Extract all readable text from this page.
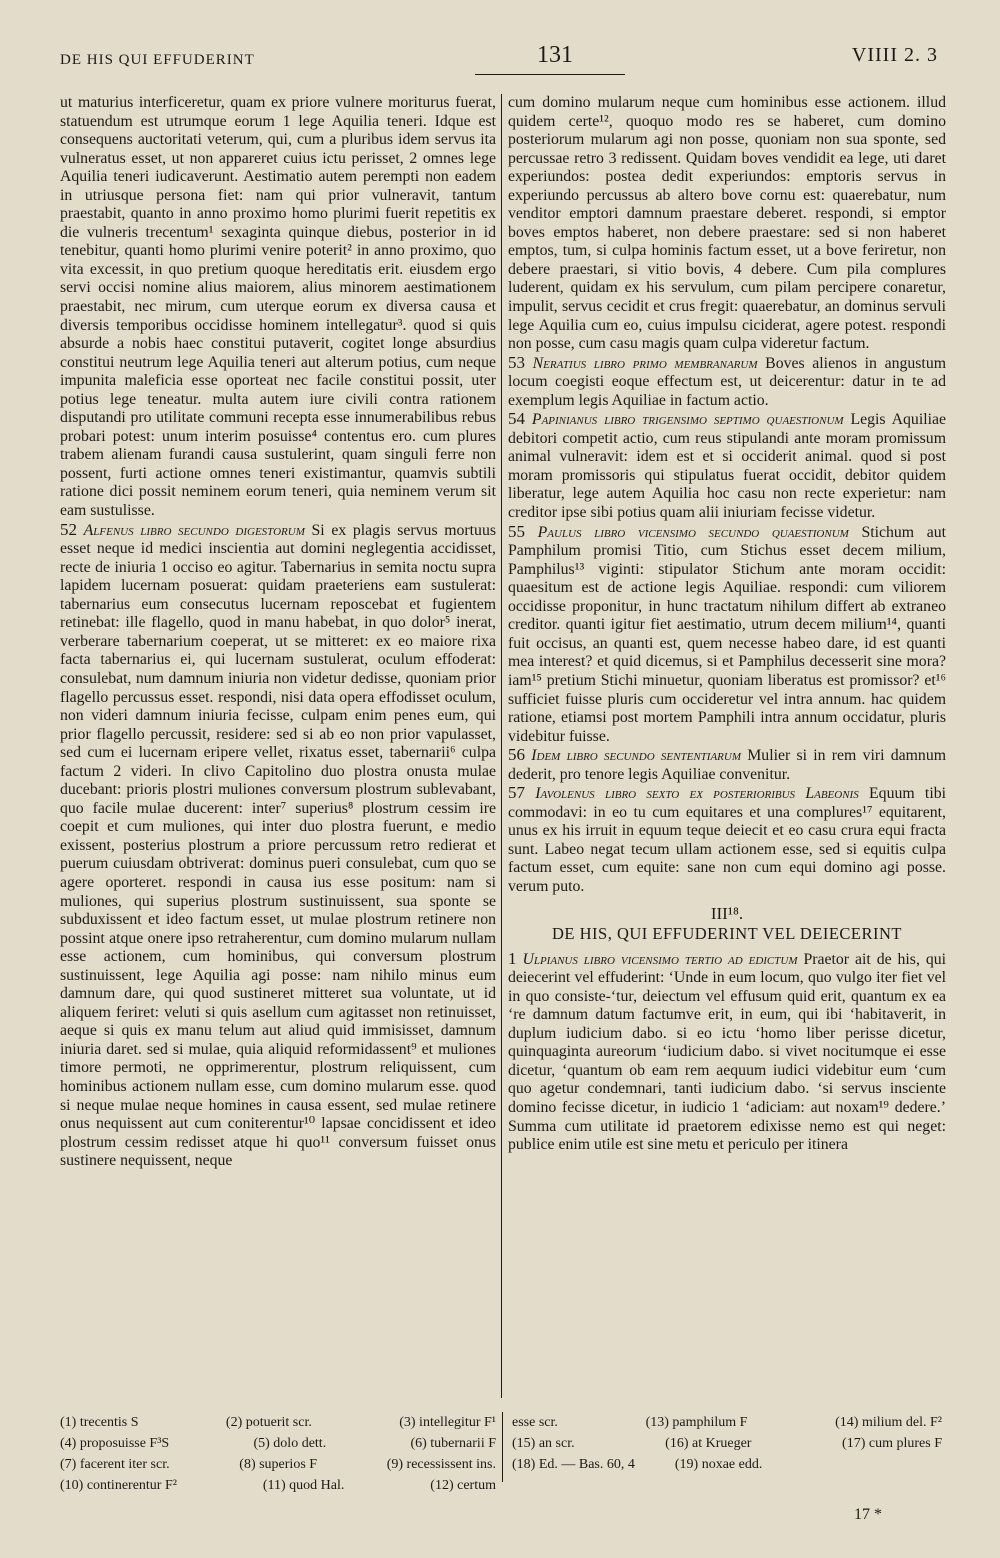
DE HIS QUI EFFUDERINT	131	VIIII 2. 3

ut maturius interficeretur, quam ex priore vulnere moriturus fuerat, statuendum est utrumque eorum 1 lege Aquilia teneri. Idque est consequens auctoritati veterum, qui, cum a pluribus idem servus ita vulneratus esset, ut non appareret cuius ictu perisset, 2 omnes lege Aquilia teneri iudicaverunt. Aestimatio autem perempti non eadem in utriusque persona fiet: nam qui prior vulneravit, tantum praestabit, quanto in anno proximo homo plurimi fuerit repetitis ex die vulneris trecentum¹ sexaginta quinque diebus, posterior in id tenebitur, quanti homo plurimi venire poterit² in anno proximo, quo vita excessit, in quo pretium quoque hereditatis erit. eiusdem ergo servi occisi nomine alius maiorem, alius minorem aestimationem praestabit, nec mirum, cum uterque eorum ex diversa causa et diversis temporibus occidisse hominem intellegatur³. quod si quis absurde a nobis haec constitui putaverit, cogitet longe absurdius constitui neutrum lege Aquilia teneri aut alterum potius, cum neque impunita maleficia esse oporteat nec facile constitui possit, uter potius lege teneatur. multa autem iure civili contra rationem disputandi pro utilitate communi recepta esse innumerabilibus rebus probari potest: unum interim posuisse⁴ contentus ero. cum plures trabem alienam furandi causa sustulerint, quam singuli ferre non possent, furti actione omnes teneri existimantur, quamvis subtili ratione dici possit neminem eorum teneri, quia neminem verum sit eam sustulisse.

52 Alfenus libro secundo digestorum Si ex plagis servus mortuus esset neque id medici inscientia aut domini neglegentia accidisset, recte de iniuria 1 occiso eo agitur. Tabernarius in semita noctu supra lapidem lucernam posuerat: quidam praeteriens eam sustulerat: tabernarius eum consecutus lucernam reposcebat et fugientem retinebat: ille flagello, quod in manu habebat, in quo dolor⁵ inerat, verberare tabernarium coeperat, ut se mitteret: ex eo maiore rixa facta tabernarius ei, qui lucernam sustulerat, oculum effoderat: consulebat, num damnum iniuria non videtur dedisse, quoniam prior flagello percussus esset. respondi, nisi data opera effodisset oculum, non videri damnum iniuria fecisse, culpam enim penes eum, qui prior flagello percussit, residere: sed si ab eo non prior vapulasset, sed cum ei lucernam eripere vellet, rixatus esset, tabernarii⁶ culpa factum 2 videri. In clivo Capitolino duo plostra onusta mulae ducebant: prioris plostri muliones conversum plostrum sublevabant, quo facile mulae ducerent: inter⁷ superius⁸ plostrum cessim ire coepit et cum muliones, qui inter duo plostra fuerunt, e medio exissent, posterius plostrum a priore percussum retro redierat et puerum cuiusdam obtriverat: dominus pueri consulebat, cum quo se agere oporteret. respondi in causa ius esse positum: nam si muliones, qui superius plostrum sustinuissent, sua sponte se subduxissent et ideo factum esset, ut mulae plostrum retinere non possint atque onere ipso retraherentur, cum domino mularum nullam esse actionem, cum hominibus, qui conversum plostrum sustinuissent, lege Aquilia agi posse: nam nihilo minus eum damnum dare, qui quod sustineret mitteret sua voluntate, ut id aliquem feriret: veluti si quis asellum cum agitasset non retinuisset, aeque si quis ex manu telum aut aliud quid immisisset, damnum iniuria daret. sed si mulae, quia aliquid reformidassent⁹ et muliones timore permoti, ne opprimerentur, plostrum reliquissent, cum hominibus actionem nullam esse, cum domino mularum esse. quod si neque mulae neque homines in causa essent, sed mulae retinere onus nequissent aut cum coniterentur¹⁰ lapsae concidissent et ideo plostrum cessim redisset atque hi quo¹¹ conversum fuisset onus sustinere nequissent, neque

cum domino mularum neque cum hominibus esse actionem. illud quidem certe¹², quoquo modo res se haberet, cum domino posteriorum mularum agi non posse, quoniam non sua sponte, sed percussae retro 3 redissent. Quidam boves vendidit ea lege, uti daret experiundos: postea dedit experiundos: emptoris servus in experiundo percussus ab altero bove cornu est: quaerebatur, num venditor emptori damnum praestare deberet. respondi, si emptor boves emptos haberet, non debere praestare: sed si non haberet emptos, tum, si culpa hominis factum esset, ut a bove feriretur, non debere praestari, si vitio bovis, 4 debere. Cum pila complures luderent, quidam ex his servulum, cum pilam percipere conaretur, impulit, servus cecidit et crus fregit: quaerebatur, an dominus servuli lege Aquilia cum eo, cuius impulsu ciciderat, agere potest. respondi non posse, cum casu magis quam culpa videretur factum.

53 Neratius libro primo membranarum Boves alienos in angustum locum coegisti eoque effectum est, ut deicerentur: datur in te ad exemplum legis Aquiliae in factum actio.

54 Papinianus libro trigensimo septimo quaestionum Legis Aquiliae debitori competit actio, cum reus stipulandi ante moram promissum animal vulneravit: idem est et si occiderit animal. quod si post moram promissoris qui stipulatus fuerat occidit, debitor quidem liberatur, lege autem Aquilia hoc casu non recte experietur: nam creditor ipse sibi potius quam alii iniuriam fecisse videtur.

55 Paulus libro vicensimo secundo quaestionum Stichum aut Pamphilum promisi Titio, cum Stichus esset decem milium, Pamphilus¹³ viginti: stipulator Stichum ante moram occidit: quaesitum est de actione legis Aquiliae. respondi: cum viliorem occidisse proponitur, in hunc tractatum nihilum differt ab extraneo creditor. quanti igitur fiet aestimatio, utrum decem milium¹⁴, quanti fuit occisus, an quanti est, quem necesse habeo dare, id est quanti mea interest? et quid dicemus, si et Pamphilus decesserit sine mora? iam¹⁵ pretium Stichi minuetur, quoniam liberatus est promissor? et¹⁶ sufficiet fuisse pluris cum occideretur vel intra annum. hac quidem ratione, etiamsi post mortem Pamphili intra annum occidatur, pluris videbitur fuisse.

56 Idem libro secundo sententiarum Mulier si in rem viri damnum dederit, pro tenore legis Aquiliae convenitur.

57 Iavolenus libro sexto ex posterioribus Labeonis Equum tibi commodavi: in eo tu cum equitares et una complures¹⁷ equitarent, unus ex his irruit in equum teque deiecit et eo casu crura equi fracta sunt. Labeo negat tecum ullam actionem esse, sed si equitis culpa factum esset, cum equite: sane non cum equi domino agi posse. verum puto.

III¹⁸.

DE HIS, QUI EFFUDERINT VEL DEIECERINT

1 Ulpianus libro vicensimo tertio ad edictum Praetor ait de his, qui deiecerint vel effuderint: ‘Unde in eum locum, quo vulgo iter fiet vel in quo consiste-‘tur, deiectum vel effusum quid erit, quantum ex ea ‘re damnum datum factumve erit, in eum, qui ibi ‘habitaverit, in duplum iudicium dabo. si eo ictu ‘homo liber perisse dicetur, quinquaginta aureorum ‘iudicium dabo. si vivet nocitumque ei esse dicetur, ‘quantum ob eam rem aequum iudici videbitur eum ‘cum quo agetur condemnari, tanti iudicium dabo. ‘si servus insciente domino fecisse dicetur, in iudicio 1 ‘adiciam: aut noxam¹⁹ dedere.’ Summa cum utilitate id praetorem edixisse nemo est qui neget: publice enim utile est sine metu et periculo per itinera

(1) trecentis S	(2) potuerit scr.	(3) intellegitur F¹
(4) proposuisse F³S	(5) dolo dett.	(6) tubernarii F
(7) facerent iter scr.	(8) superios F	(9) recessissent ins.
(10) continerentur F²	(11) quod Hal.	(12) certum
esse scr.	(13) pamphilum F	(14) milium del. F²
(15) an scr.	(16) at Krueger	(17) cum plures F
(18) Ed. — Bas. 60, 4	(19) noxae edd.
17 *
